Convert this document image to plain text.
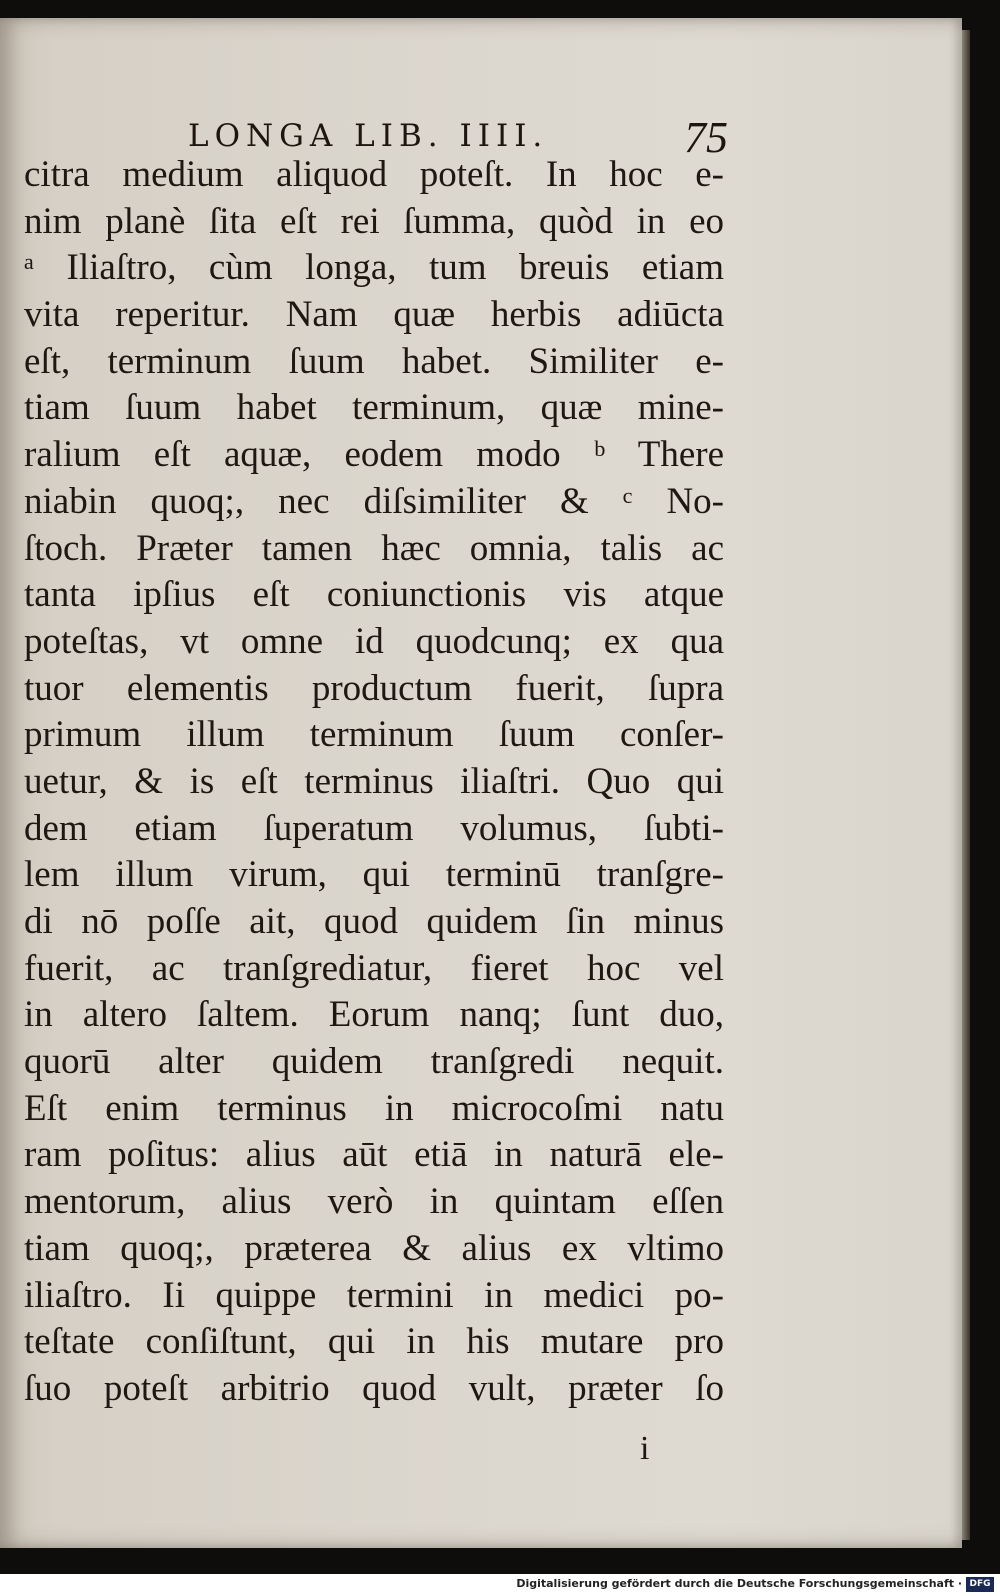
LONGA LIB. IIII.	75
citra medium aliquod poteſt. In hoc e-
nim planè ſita eſt rei ſumma, quòd in eo
ᵃ Iliaſtro, cùm longa, tum breuis etiam
vita reperitur. Nam quæ herbis adiūcta
eſt, terminum ſuum habet. Similiter e-
tiam ſuum habet terminum, quæ mine-
ralium eſt aquæ, eodem modo ᵇ There
niabin quoq;, nec diſsimiliter & ᶜ No-
ſtoch. Præter tamen hæc omnia, talis ac
tanta ipſius eſt coniunctionis vis atque
poteſtas, vt omne id quodcunq; ex qua
tuor elementis productum fuerit, ſupra
primum illum terminum ſuum conſer-
uetur, & is eſt terminus iliaſtri. Quo qui
dem etiam ſuperatum volumus, ſubti-
lem illum virum, qui terminū tranſgre-
di nō poſſe ait, quod quidem ſin minus
fuerit, ac tranſgrediatur, fieret hoc vel
in altero ſaltem. Eorum nanq; ſunt duo,
quorū alter quidem tranſgredi nequit.
Eſt enim terminus in microcoſmi natu
ram poſitus: alius aūt etiā in naturā ele-
mentorum, alius verò in quintam eſſen
tiam quoq;, præterea & alius ex vltimo
iliaſtro. Ii quippe termini in medici po-
teſtate conſiſtunt, qui in his mutare pro
ſuo poteſt arbitrio quod vult, præter ſo
i
Digitalisierung gefördert durch die Deutsche Forschungsgemeinschaft · DFG
